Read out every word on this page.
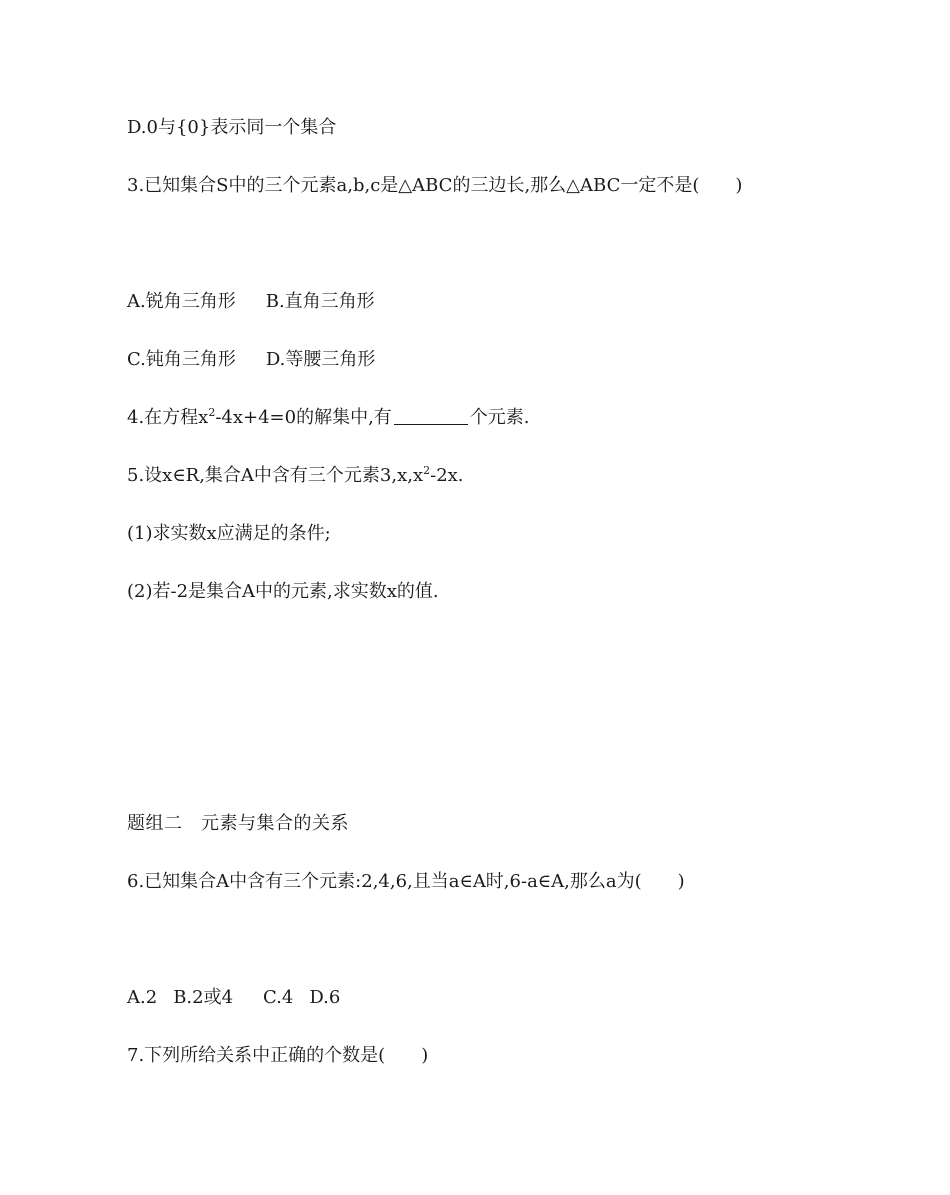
D.0与{0}表示同一个集合
3.已知集合S中的三个元素a,b,c是△ABC的三边长,那么△ABC一定不是(　　)
A.锐角三角形 B.直角三角形
C.钝角三角形 D.等腰三角形
4.在方程$x^2-4x+4=0$的解集中,有	个元素.
5.设x∈R,集合A中含有三个元素$3,x,x^2-2x$.
(1)求实数x应满足的条件;
(2)若-2是集合A中的元素,求实数x的值.
题组二　元素与集合的关系
6.已知集合A中含有三个元素:2,4,6,且当a∈A时,6-a∈A,那么a为(　　)
A.2 B.2或4 C.4 D.6
7.下列所给关系中正确的个数是(　　)
